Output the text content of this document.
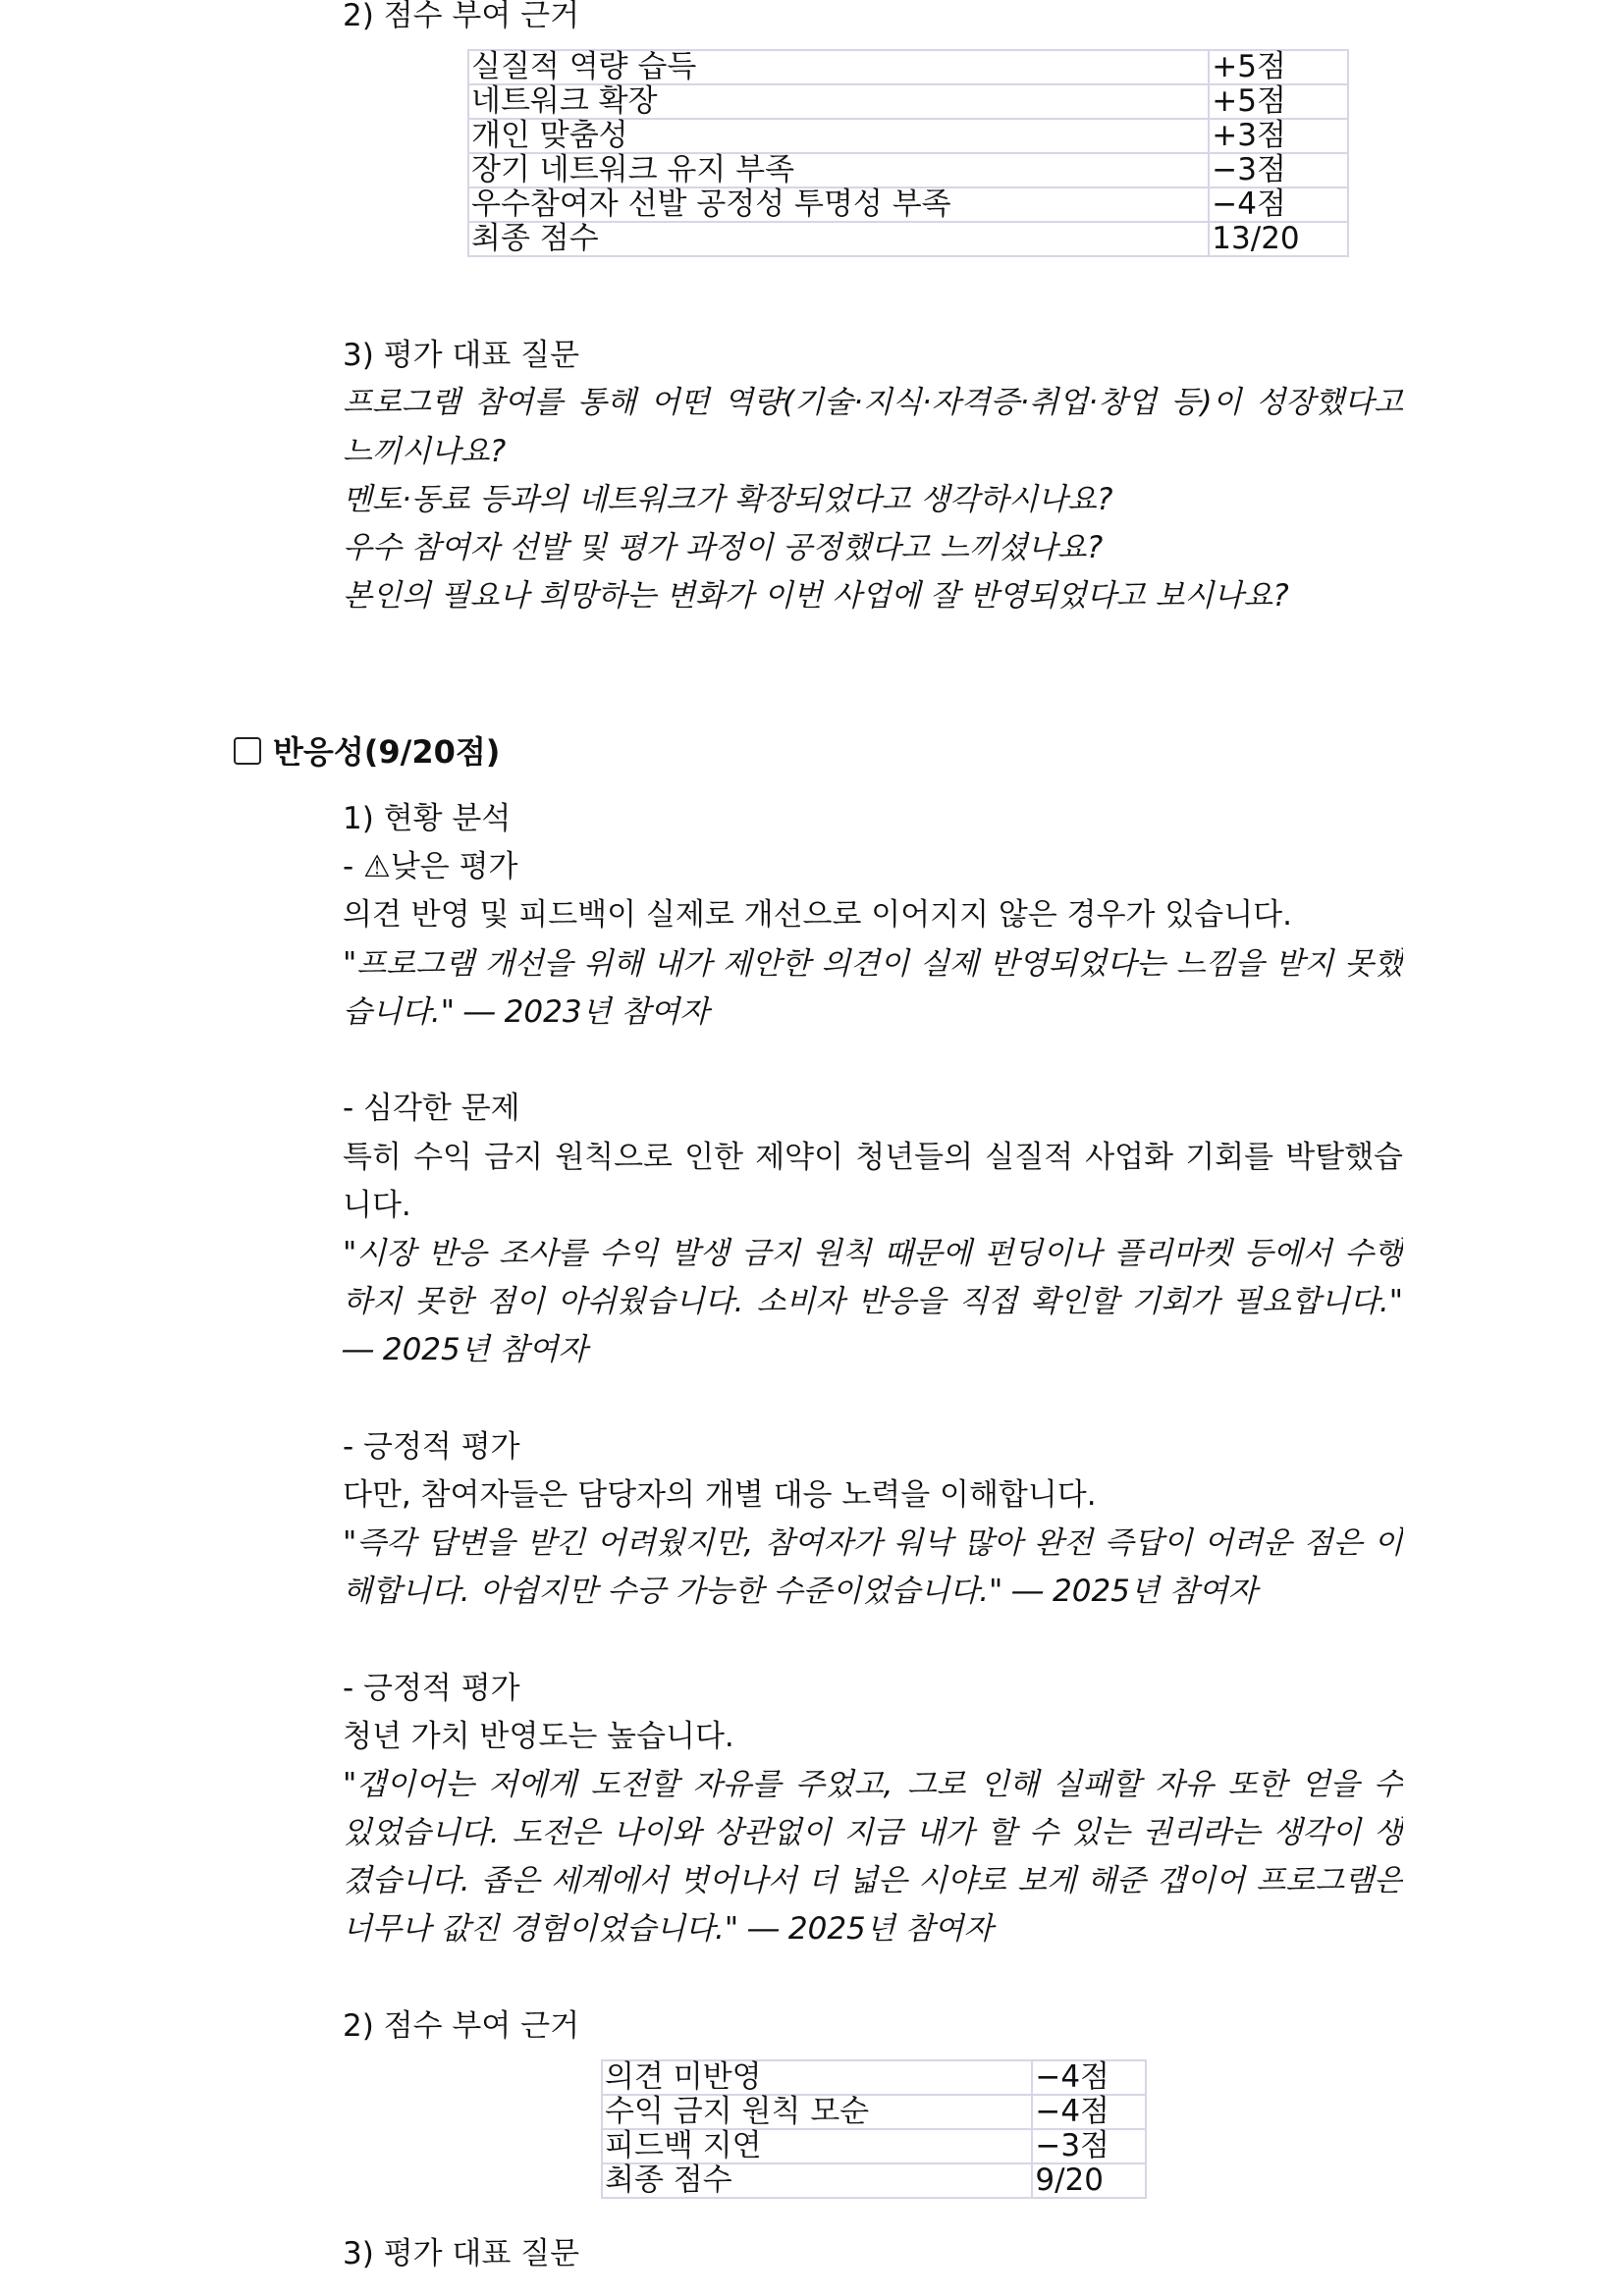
2) 점수 부여 근거
실질적 역량 습득	+5점
네트워크 확장	+5점
개인 맞춤성	+3점
장기 네트워크 유지 부족	−3점
우수참여자 선발 공정성 투명성 부족	−4점
최종 점수	13/20
3) 평가 대표 질문
프로그램 참여를 통해 어떤 역량(기술·지식·자격증·취업·창업 등)이 성장했다고
느끼시나요?
멘토·동료 등과의 네트워크가 확장되었다고 생각하시나요?
우수 참여자 선발 및 평가 과정이 공정했다고 느끼셨나요?
본인의 필요나 희망하는 변화가 이번 사업에 잘 반영되었다고 보시나요?
반응성(9/20점)
1) 현황 분석
- ⚠낮은 평가
의견 반영 및 피드백이 실제로 개선으로 이어지지 않은 경우가 있습니다.
"프로그램 개선을 위해 내가 제안한 의견이 실제 반영되었다는 느낌을 받지 못했
습니다." ― 2023년 참여자
- 심각한 문제
특히 수익 금지 원칙으로 인한 제약이 청년들의 실질적 사업화 기회를 박탈했습
니다.
"시장 반응 조사를 수익 발생 금지 원칙 때문에 펀딩이나 플리마켓 등에서 수행
하지 못한 점이 아쉬웠습니다. 소비자 반응을 직접 확인할 기회가 필요합니다."
― 2025년 참여자
- 긍정적 평가
다만, 참여자들은 담당자의 개별 대응 노력을 이해합니다.
"즉각 답변을 받긴 어려웠지만, 참여자가 워낙 많아 완전 즉답이 어려운 점은 이
해합니다. 아쉽지만 수긍 가능한 수준이었습니다." ― 2025년 참여자
- 긍정적 평가
청년 가치 반영도는 높습니다.
"갭이어는 저에게 도전할 자유를 주었고, 그로 인해 실패할 자유 또한 얻을 수
있었습니다. 도전은 나이와 상관없이 지금 내가 할 수 있는 권리라는 생각이 생
겼습니다. 좁은 세계에서 벗어나서 더 넓은 시야로 보게 해준 갭이어 프로그램은
너무나 값진 경험이었습니다." ― 2025년 참여자
2) 점수 부여 근거
의견 미반영	−4점
수익 금지 원칙 모순	−4점
피드백 지연	−3점
최종 점수	9/20
3) 평가 대표 질문
